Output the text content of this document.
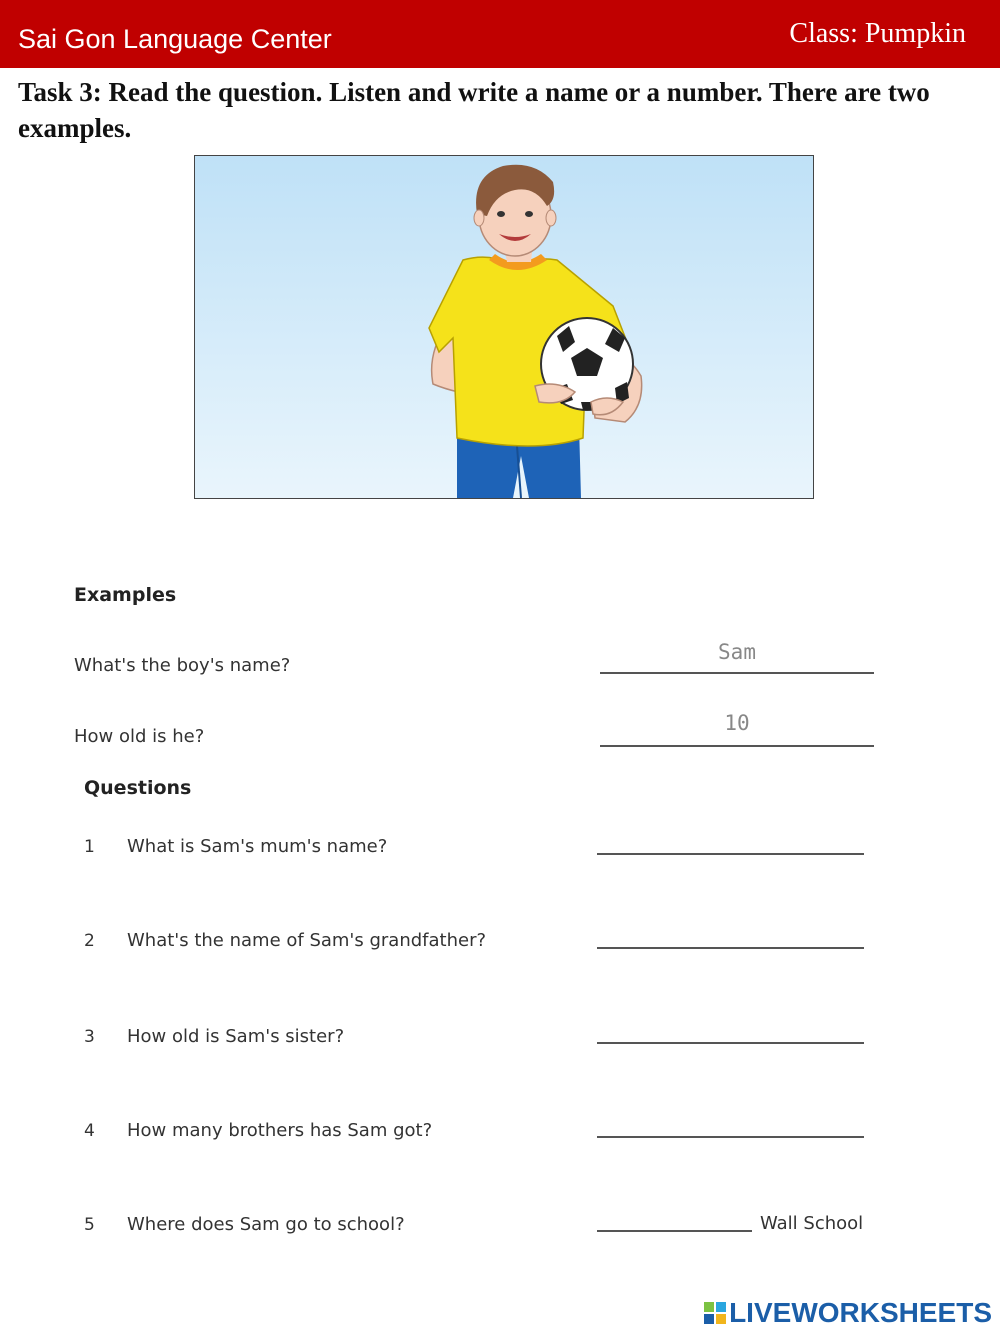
Sai Gon Language Center	Class: Pumpkin
Task 3: Read the question. Listen and write a name or a number. There are two examples.
Examples
What's the boy's name?
Sam
How old is he?
10
Questions
1 What is Sam's mum's name?
2 What's the name of Sam's grandfather?
3 How old is Sam's sister?
4 How many brothers has Sam got?
5 Where does Sam go to school?	Wall School
LIVEWORKSHEETS
